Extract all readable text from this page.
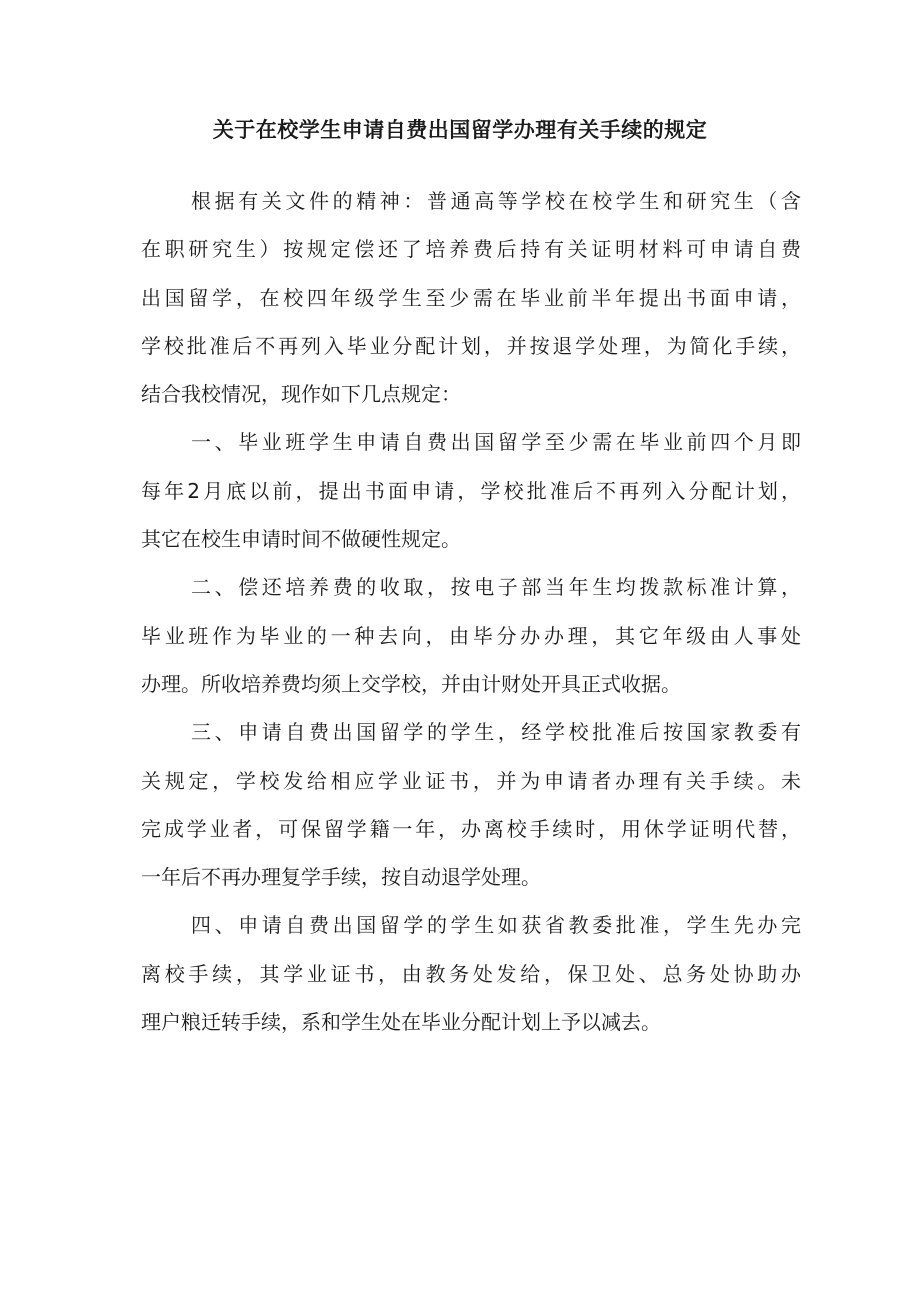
关于在校学生申请自费出国留学办理有关手续的规定
根据有关文件的精神：普通高等学校在校学生和研究生（含
在职研究生）按规定偿还了培养费后持有关证明材料可申请自费
出国留学，在校四年级学生至少需在毕业前半年提出书面申请，
学校批准后不再列入毕业分配计划，并按退学处理，为简化手续，
结合我校情况，现作如下几点规定：
一、毕业班学生申请自费出国留学至少需在毕业前四个月即
每年2月底以前，提出书面申请，学校批准后不再列入分配计划，
其它在校生申请时间不做硬性规定。
二、偿还培养费的收取，按电子部当年生均拨款标准计算，
毕业班作为毕业的一种去向，由毕分办办理，其它年级由人事处
办理。所收培养费均须上交学校，并由计财处开具正式收据。
三、申请自费出国留学的学生，经学校批准后按国家教委有
关规定，学校发给相应学业证书，并为申请者办理有关手续。未
完成学业者，可保留学籍一年，办离校手续时，用休学证明代替，
一年后不再办理复学手续，按自动退学处理。
四、申请自费出国留学的学生如获省教委批准，学生先办完
离校手续，其学业证书，由教务处发给，保卫处、总务处协助办
理户粮迁转手续，系和学生处在毕业分配计划上予以减去。
